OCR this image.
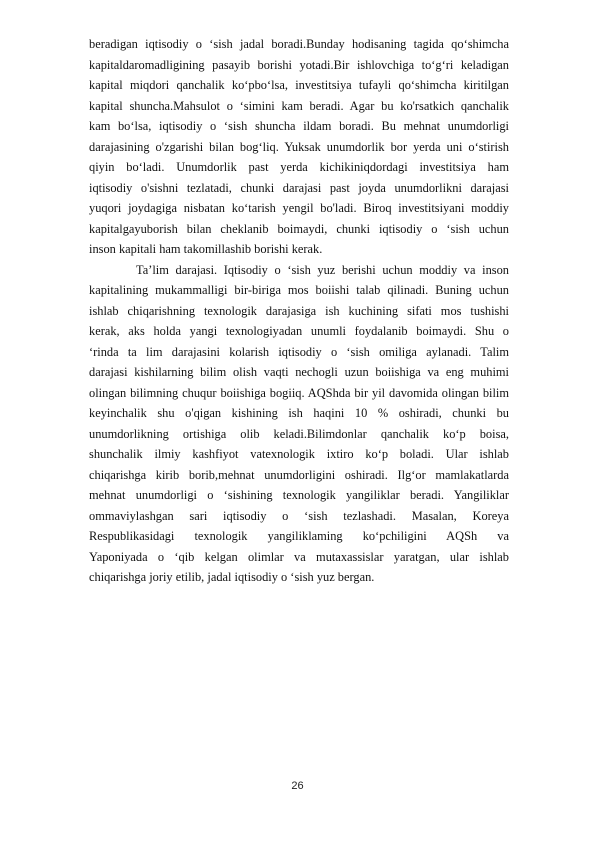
beradigan iqtisodiy o ‘sish jadal boradi.Bunday hodisaning tagida qo‘shimcha
kapitaldaromadligining pasayib borishi yotadi.Bir ishlovchiga to‘g‘ri keladigan
kapital miqdori qanchalik ko‘pbo‘lsa, investitsiya tufayli qo‘shimcha kiritilgan
kapital shuncha.Mahsulot o ‘simini kam beradi. Agar bu ko'rsatkich qanchalik
kam bo‘lsa, iqtisodiy o ‘sish shuncha ildam boradi. Bu mehnat unumdorligi
darajasining o'zgarishi bilan bog‘liq. Yuksak unumdorlik bor yerda uni o‘stirish
qiyin bo‘ladi. Unumdorlik past yerda kichikiniqdordagi investitsiya ham
iqtisodiy o'sishni tezlatadi, chunki darajasi past joyda unumdorlikni darajasi
yuqori joydagiga nisbatan ko‘tarish yengil bo'ladi. Biroq investitsiyani moddiy
kapitalgayuborish bilan cheklanib boimaydi, chunki iqtisodiy o ‘sish uchun
inson kapitali ham takomillashib borishi kerak.
Ta’lim darajasi. Iqtisodiy o ‘sish yuz berishi uchun moddiy va inson
kapitalining mukammalligi bir-biriga mos boiishi talab qilinadi. Buning uchun
ishlab chiqarishning texnologik darajasiga ish kuchining sifati mos tushishi
kerak, aks holda yangi texnologiyadan unumli foydalanib boimaydi. Shu o
‘rinda ta lim darajasini kolarish iqtisodiy o ‘sish omiliga aylanadi. Talim
darajasi kishilarning bilim olish vaqti nechogli uzun boiishiga va eng muhimi
olingan bilimning chuqur boiishiga bogiiq. AQShda bir yil davomida olingan bilim
keyinchalik shu o'qigan kishining ish haqini 10 % oshiradi, chunki bu
unumdorlikning ortishiga olib keladi.Bilimdonlar qanchalik ko‘p boisa,
shunchalik ilmiy kashfiyot vatexnologik ixtiro ko‘p boladi. Ular ishlab
chiqarishga kirib borib,mehnat unumdorligini oshiradi. Ilg‘or mamlakatlarda
mehnat unumdorligi o ‘sishining texnologik yangiliklar beradi. Yangiliklar
ommaviylashgan sari iqtisodiy o ‘sish tezlashadi. Masalan, Koreya
Respublikasidagi texnologik yangiliklaming ko‘pchiligini AQSh va
Yaponiyada o ‘qib kelgan olimlar va mutaxassislar yaratgan, ular ishlab
chiqarishga joriy etilib, jadal iqtisodiy o ‘sish yuz bergan.
26
